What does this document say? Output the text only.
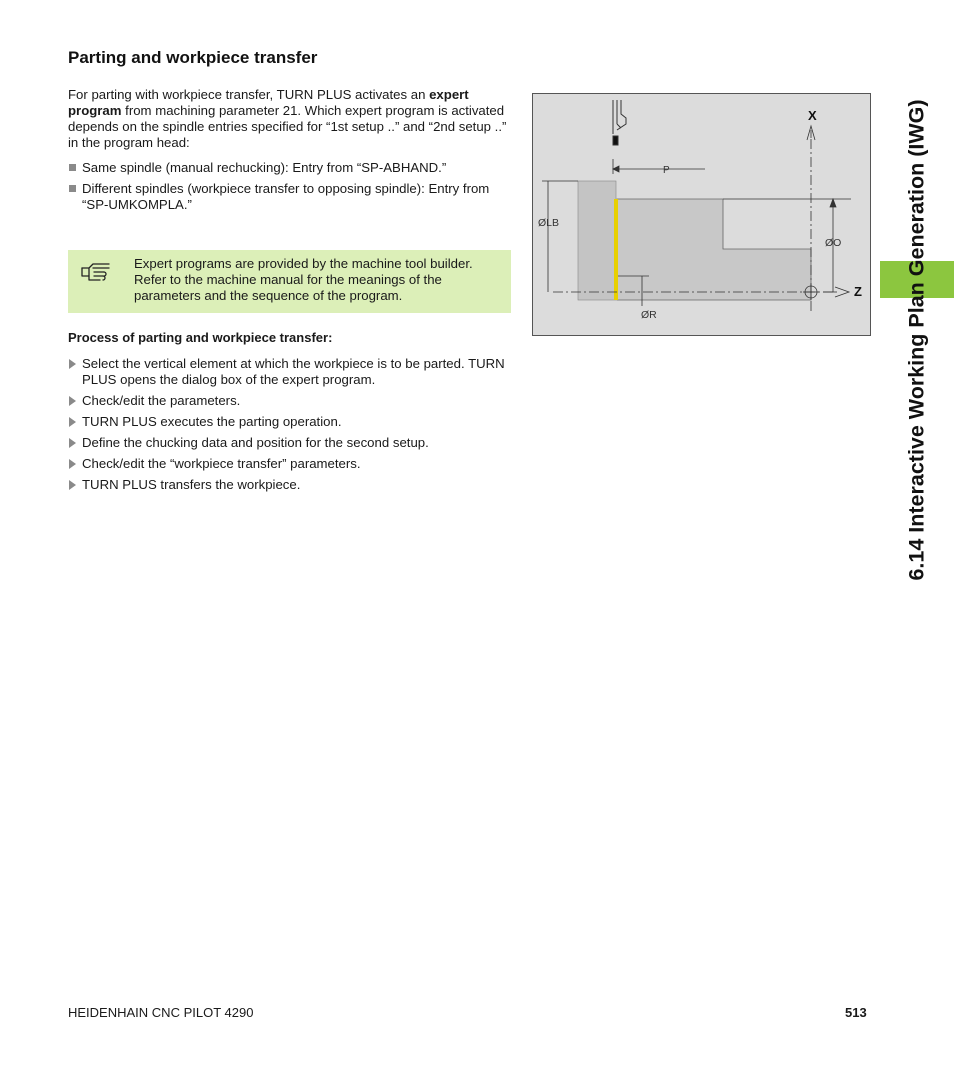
Parting and workpiece transfer
For parting with workpiece transfer, TURN PLUS activates an expert program from machining parameter 21. Which expert program is activated depends on the spindle entries specified for “1st setup ..” and “2nd setup ..” in the program head:
Same spindle (manual rechucking): Entry from “SP-ABHAND.”
Different spindles (workpiece transfer to opposing spindle): Entry from “SP-UMKOMPLA.”
Expert programs are provided by the machine tool builder. Refer to the machine manual for the meanings of the parameters and the sequence of the program.
Process of parting and workpiece transfer:
Select the vertical element at which the workpiece is to be parted. TURN PLUS opens the dialog box of the expert program.
Check/edit the parameters.
TURN PLUS executes the parting operation.
Define the chucking data and position for the second setup.
Check/edit the “workpiece transfer” parameters.
TURN PLUS transfers the workpiece.
X
Z
P
ØLB
ØO
ØR	6.14 Interactive Working Plan Generation (IWG)
HEIDENHAIN CNC PILOT 4290	513
